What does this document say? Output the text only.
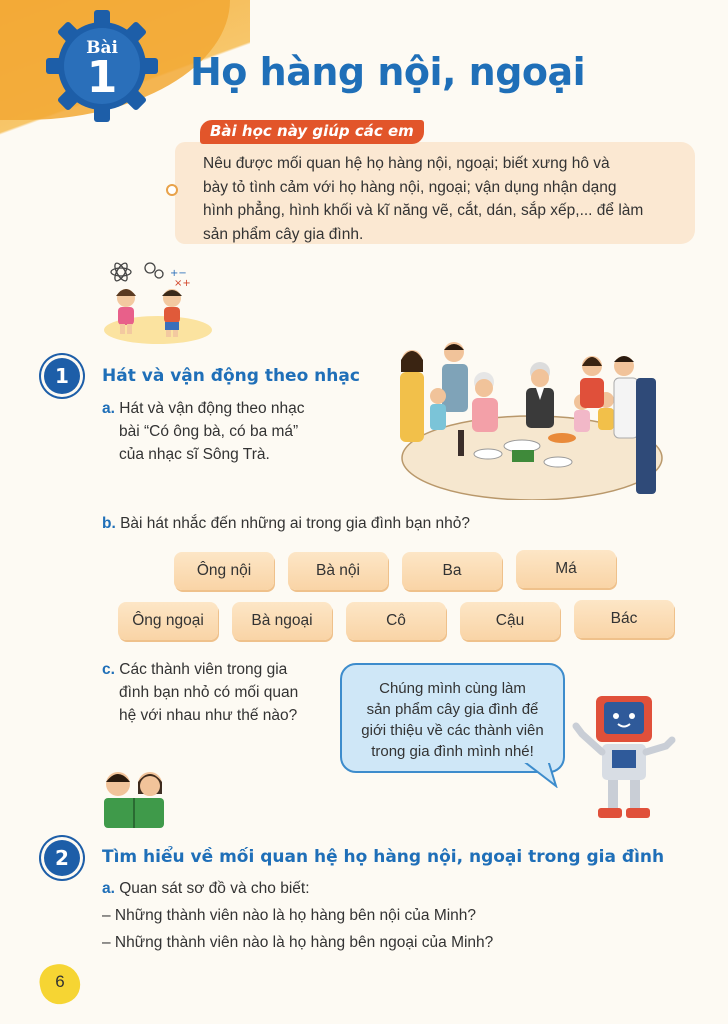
Bài
1	Họ hàng nội, ngoại
Bài học này giúp các em
Nêu được mối quan hệ họ hàng nội, ngoại; biết xưng hô và
bày tỏ tình cảm với họ hàng nội, ngoại; vận dụng nhận dạng
hình phẳng, hình khối và kĩ năng vẽ, cắt, dán, sắp xếp,... để làm
sản phẩm cây gia đình.
+−
×+
1	Hát và vận động theo nhạc
a. Hát và vận động theo nhạc
bài “Có ông bà, có ba má”
của nhạc sĩ Sông Trà.
b. Bài hát nhắc đến những ai trong gia đình bạn nhỏ?
Ông nội	Bà nội	Ba	Má
Ông ngoại	Bà ngoại	Cô	Cậu	Bác
c. Các thành viên trong gia
đình bạn nhỏ có mối quan
hệ với nhau như thế nào?
Chúng mình cùng làm
sản phẩm cây gia đình để
giới thiệu về các thành viên
trong gia đình mình nhé!
2	Tìm hiểu về mối quan hệ họ hàng nội, ngoại trong gia đình
a. Quan sát sơ đồ và cho biết:
– Những thành viên nào là họ hàng bên nội của Minh?
– Những thành viên nào là họ hàng bên ngoại của Minh?
6
